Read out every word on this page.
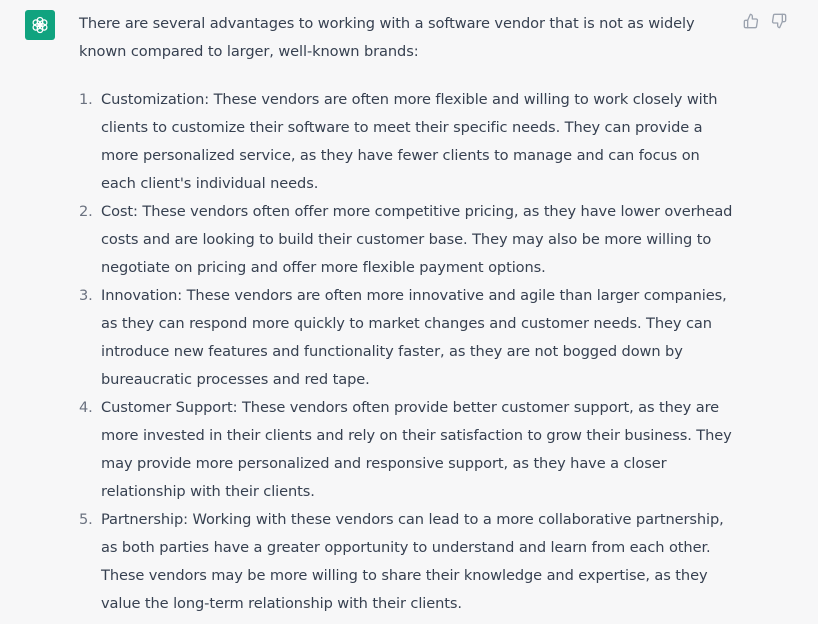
There are several advantages to working with a software vendor that is not as widely known compared to larger, well-known brands:

1. Customization: These vendors are often more flexible and willing to work closely with clients to customize their software to meet their specific needs. They can provide a more personalized service, as they have fewer clients to manage and can focus on each client's individual needs.
2. Cost: These vendors often offer more competitive pricing, as they have lower overhead costs and are looking to build their customer base. They may also be more willing to negotiate on pricing and offer more flexible payment options.
3. Innovation: These vendors are often more innovative and agile than larger companies, as they can respond more quickly to market changes and customer needs. They can introduce new features and functionality faster, as they are not bogged down by bureaucratic processes and red tape.
4. Customer Support: These vendors often provide better customer support, as they are more invested in their clients and rely on their satisfaction to grow their business. They may provide more personalized and responsive support, as they have a closer relationship with their clients.
5. Partnership: Working with these vendors can lead to a more collaborative partnership, as both parties have a greater opportunity to understand and learn from each other. These vendors may be more willing to share their knowledge and expertise, as they value the long-term relationship with their clients.
